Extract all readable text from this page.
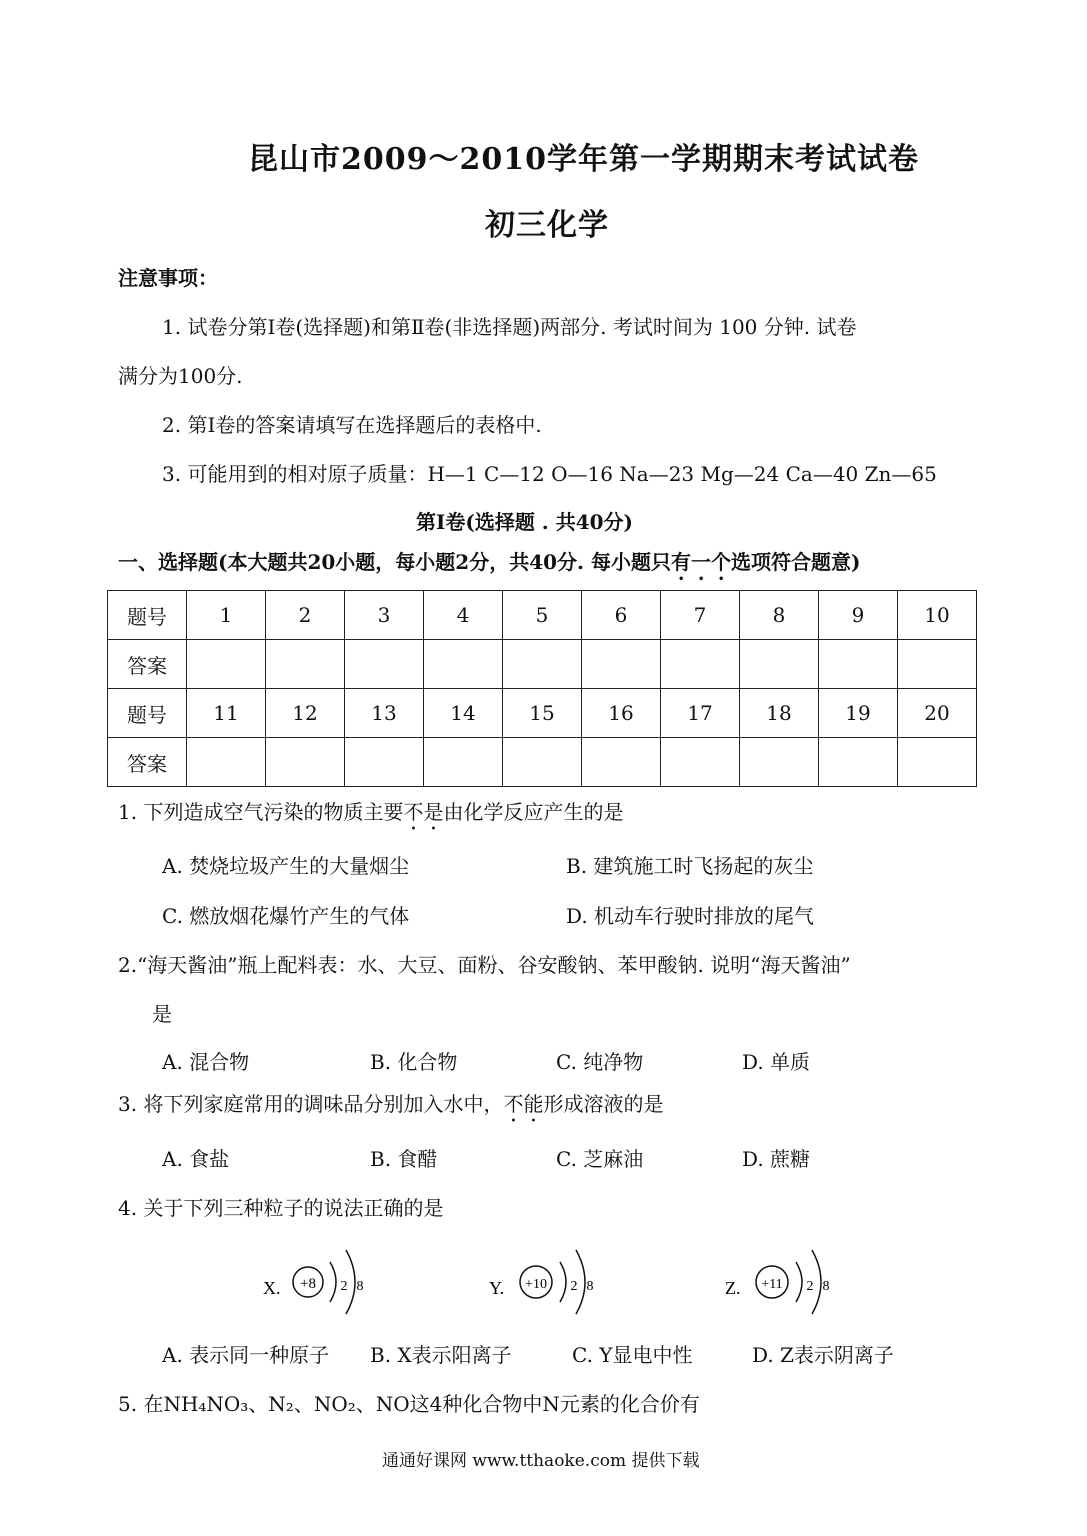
昆山市2009～2010学年第一学期期末考试试卷
初三化学
注意事项：
1. 试卷分第Ⅰ卷(选择题)和第Ⅱ卷(非选择题)两部分. 考试时间为 100 分钟. 试卷
满分为100分.
2. 第Ⅰ卷的答案请填写在选择题后的表格中.
3. 可能用到的相对原子质量：H—1 C—12 O—16 Na—23 Mg—24 Ca—40 Zn—65
第Ⅰ卷(选择题 . 共40分)
一、选择题(本大题共20小题，每小题2分，共40分. 每小题只有一个选项符合题意)
题号	1	2	3	4	5	6	7	8	9	10
答案										
题号	11	12	13	14	15	16	17	18	19	20
答案										
1. 下列造成空气污染的物质主要不是由化学反应产生的是
A. 焚烧垃圾产生的大量烟尘	B. 建筑施工时飞扬起的灰尘
C. 燃放烟花爆竹产生的气体	D. 机动车行驶时排放的尾气
2.“海天酱油”瓶上配料表：水、大豆、面粉、谷安酸钠、苯甲酸钠. 说明“海天酱油”
是
A. 混合物	B. 化合物	C. 纯净物	D. 单质
3. 将下列家庭常用的调味品分别加入水中，不能形成溶液的是
A. 食盐	B. 食醋	C. 芝麻油	D. 蔗糖
4. 关于下列三种粒子的说法正确的是
X. +8 2 8	Y. +10 2 8	Z. +11 2 8
A. 表示同一种原子 B. X表示阳离子	C. Y显电中性	D. Z表示阴离子
5. 在NH₄NO₃、N₂、NO₂、NO这4种化合物中N元素的化合价有
通通好课网 www.tthaoke.com 提供下载
